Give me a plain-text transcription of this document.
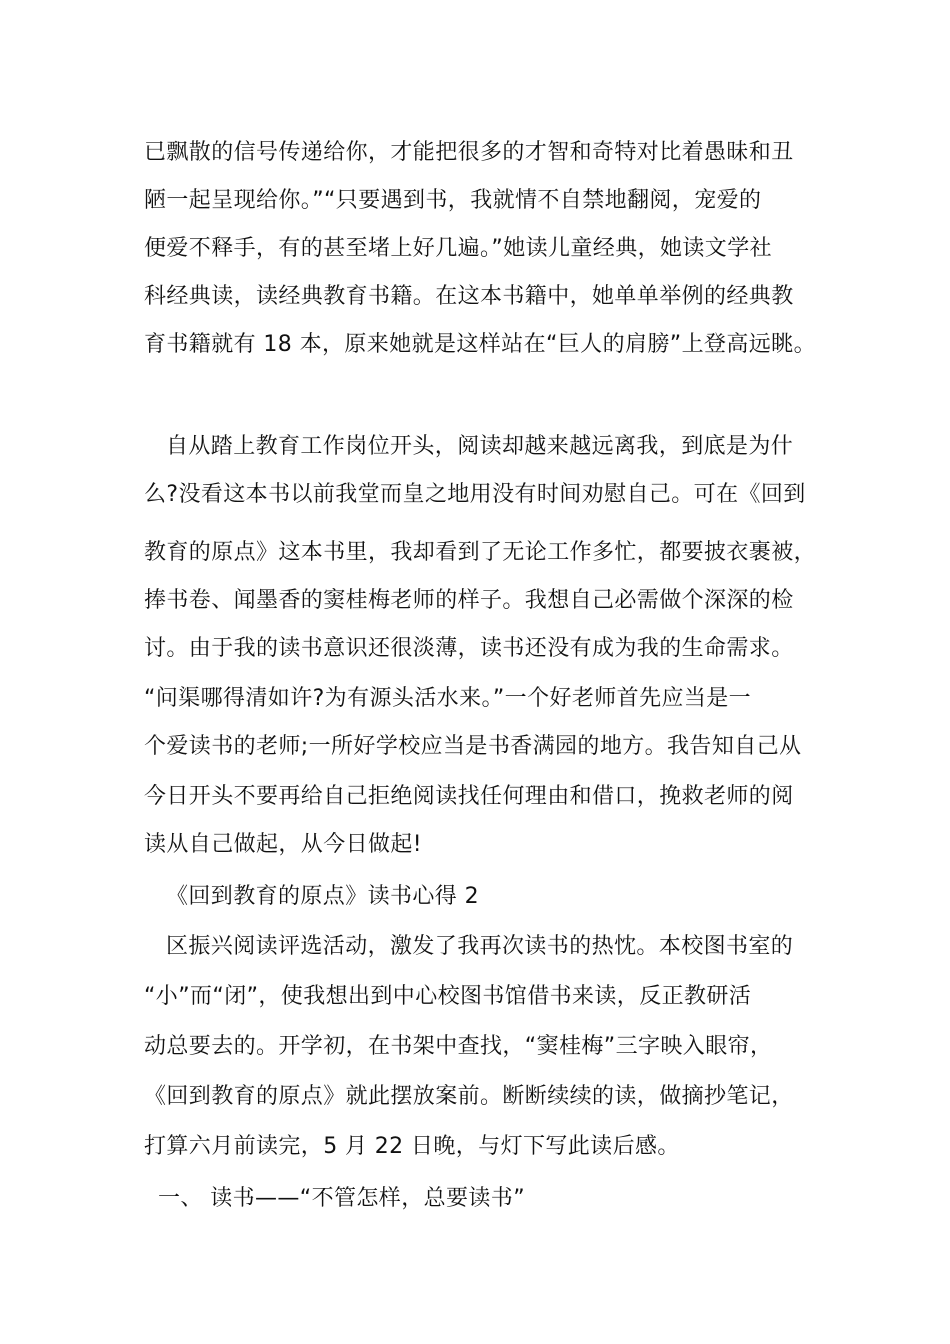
已飘散的信号传递给你，才能把很多的才智和奇特对比着愚昧和丑
陋一起呈现给你。”“只要遇到书，我就情不自禁地翻阅，宠爱的
便爱不释手，有的甚至堵上好几遍。”她读儿童经典，她读文学社
科经典读，读经典教育书籍。在这本书籍中，她单单举例的经典教
育书籍就有 18 本，原来她就是这样站在“巨人的肩膀”上登高远眺。
自从踏上教育工作岗位开头，阅读却越来越远离我，到底是为什
么?没看这本书以前我堂而皇之地用没有时间劝慰自己。可在《回到
教育的原点》这本书里，我却看到了无论工作多忙，都要披衣裹被，
捧书卷、闻墨香的窦桂梅老师的样子。我想自己必需做个深深的检
讨。由于我的读书意识还很淡薄，读书还没有成为我的生命需求。
“问渠哪得清如许?为有源头活水来。”一个好老师首先应当是一
个爱读书的老师;一所好学校应当是书香满园的地方。我告知自己从
今日开头不要再给自己拒绝阅读找任何理由和借口，挽救老师的阅
读从自己做起，从今日做起!
《回到教育的原点》读书心得 2
区振兴阅读评选活动，激发了我再次读书的热忱。本校图书室的
“小”而“闭”，使我想出到中心校图书馆借书来读，反正教研活
动总要去的。开学初，在书架中查找，“窦桂梅”三字映入眼帘，
《回到教育的原点》就此摆放案前。断断续续的读，做摘抄笔记，
打算六月前读完，5 月 22 日晚，与灯下写此读后感。
一、 读书——“不管怎样，总要读书”
